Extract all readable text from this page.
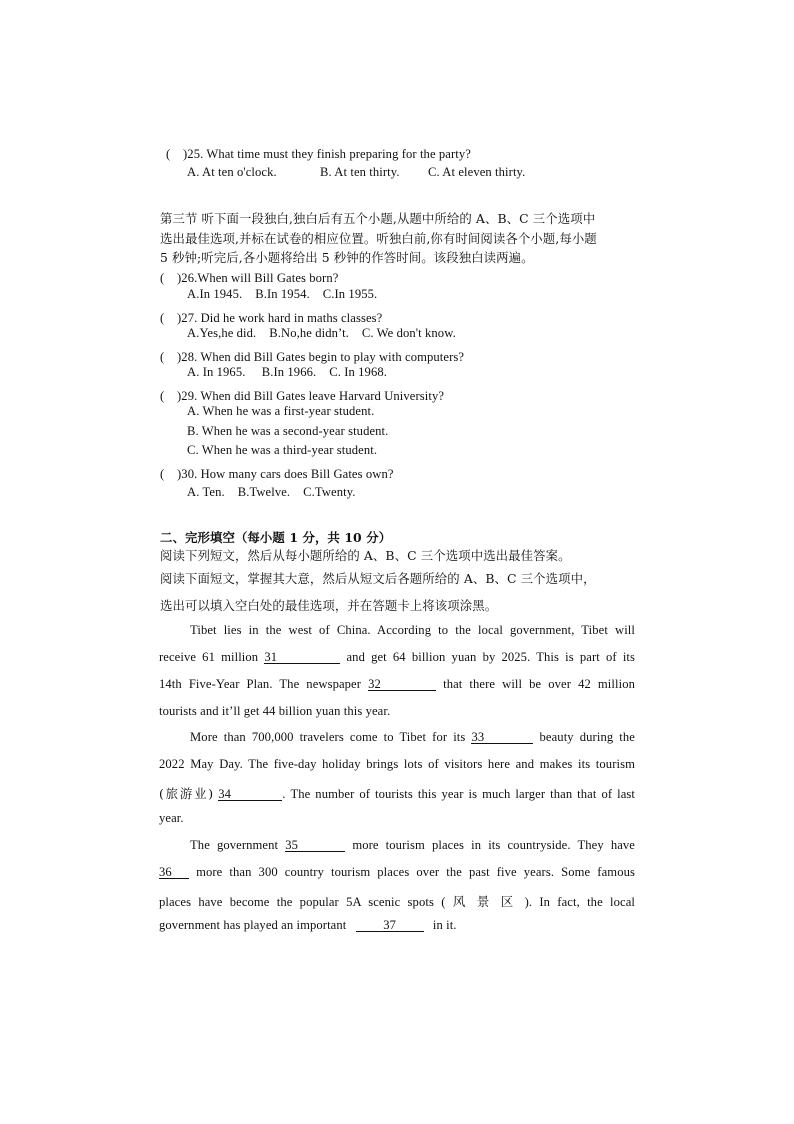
(　)25. What time must they finish preparing for the party?
A. At ten o'clock.	B. At ten thirty. C. At eleven thirty.
第三节 听下面一段独白,独白后有五个小题,从题中所给的 A、B、C 三个选项中
选出最佳选项,并标在试卷的相应位置。听独白前,你有时间阅读各个小题,每小题
5 秒钟;听完后,各小题将给出 5 秒钟的作答时间。该段独白读两遍。
(　)26.When will Bill Gates born?
A.In 1945.    B.In 1954.    C.In 1955.
(　)27. Did he work hard in maths classes?
A.Yes,he did.    B.No,he didn’t.    C. We don't know.
(　)28. When did Bill Gates begin to play with computers?
A. In 1965.     B.In 1966.    C. In 1968.
(　)29. When did Bill Gates leave Harvard University?
A. When he was a first-year student.
B. When he was a second-year student.
C. When he was a third-year student.
(　)30. How many cars does Bill Gates own?
A. Ten.    B.Twelve.    C.Twenty.
二、完形填空（每小题 1 分，共 10 分）
阅读下列短文，然后从每小题所给的 A、B、C 三个选项中选出最佳答案。
阅读下面短文，掌握其大意，然后从短文后各题所给的 A、B、C 三个选项中，
选出可以填入空白处的最佳选项，并在答题卡上将该项涂黑。
Tibet lies in the west of China. According to the local government, Tibet will
receive 61 million 31	and get 64 billion yuan by 2025. This is part of its
14th Five-Year Plan. The newspaper 32	that there will be over 42 million
tourists and it’ll get 44 billion yuan this year.
More than 700,000 travelers come to Tibet for its 33	beauty during the
2022 May Day. The five-day holiday brings lots of visitors here and makes its tourism
(旅游业) 34	. The number of tourists this year is much larger than that of last
year.
The government 35	more tourism places in its countryside. They have
36 more than 300 country tourism places over the past five years. Some famous
places have become the popular 5A scenic spots ( 风 景 区 ). In fact, the local
government has played an important	37	in it.
